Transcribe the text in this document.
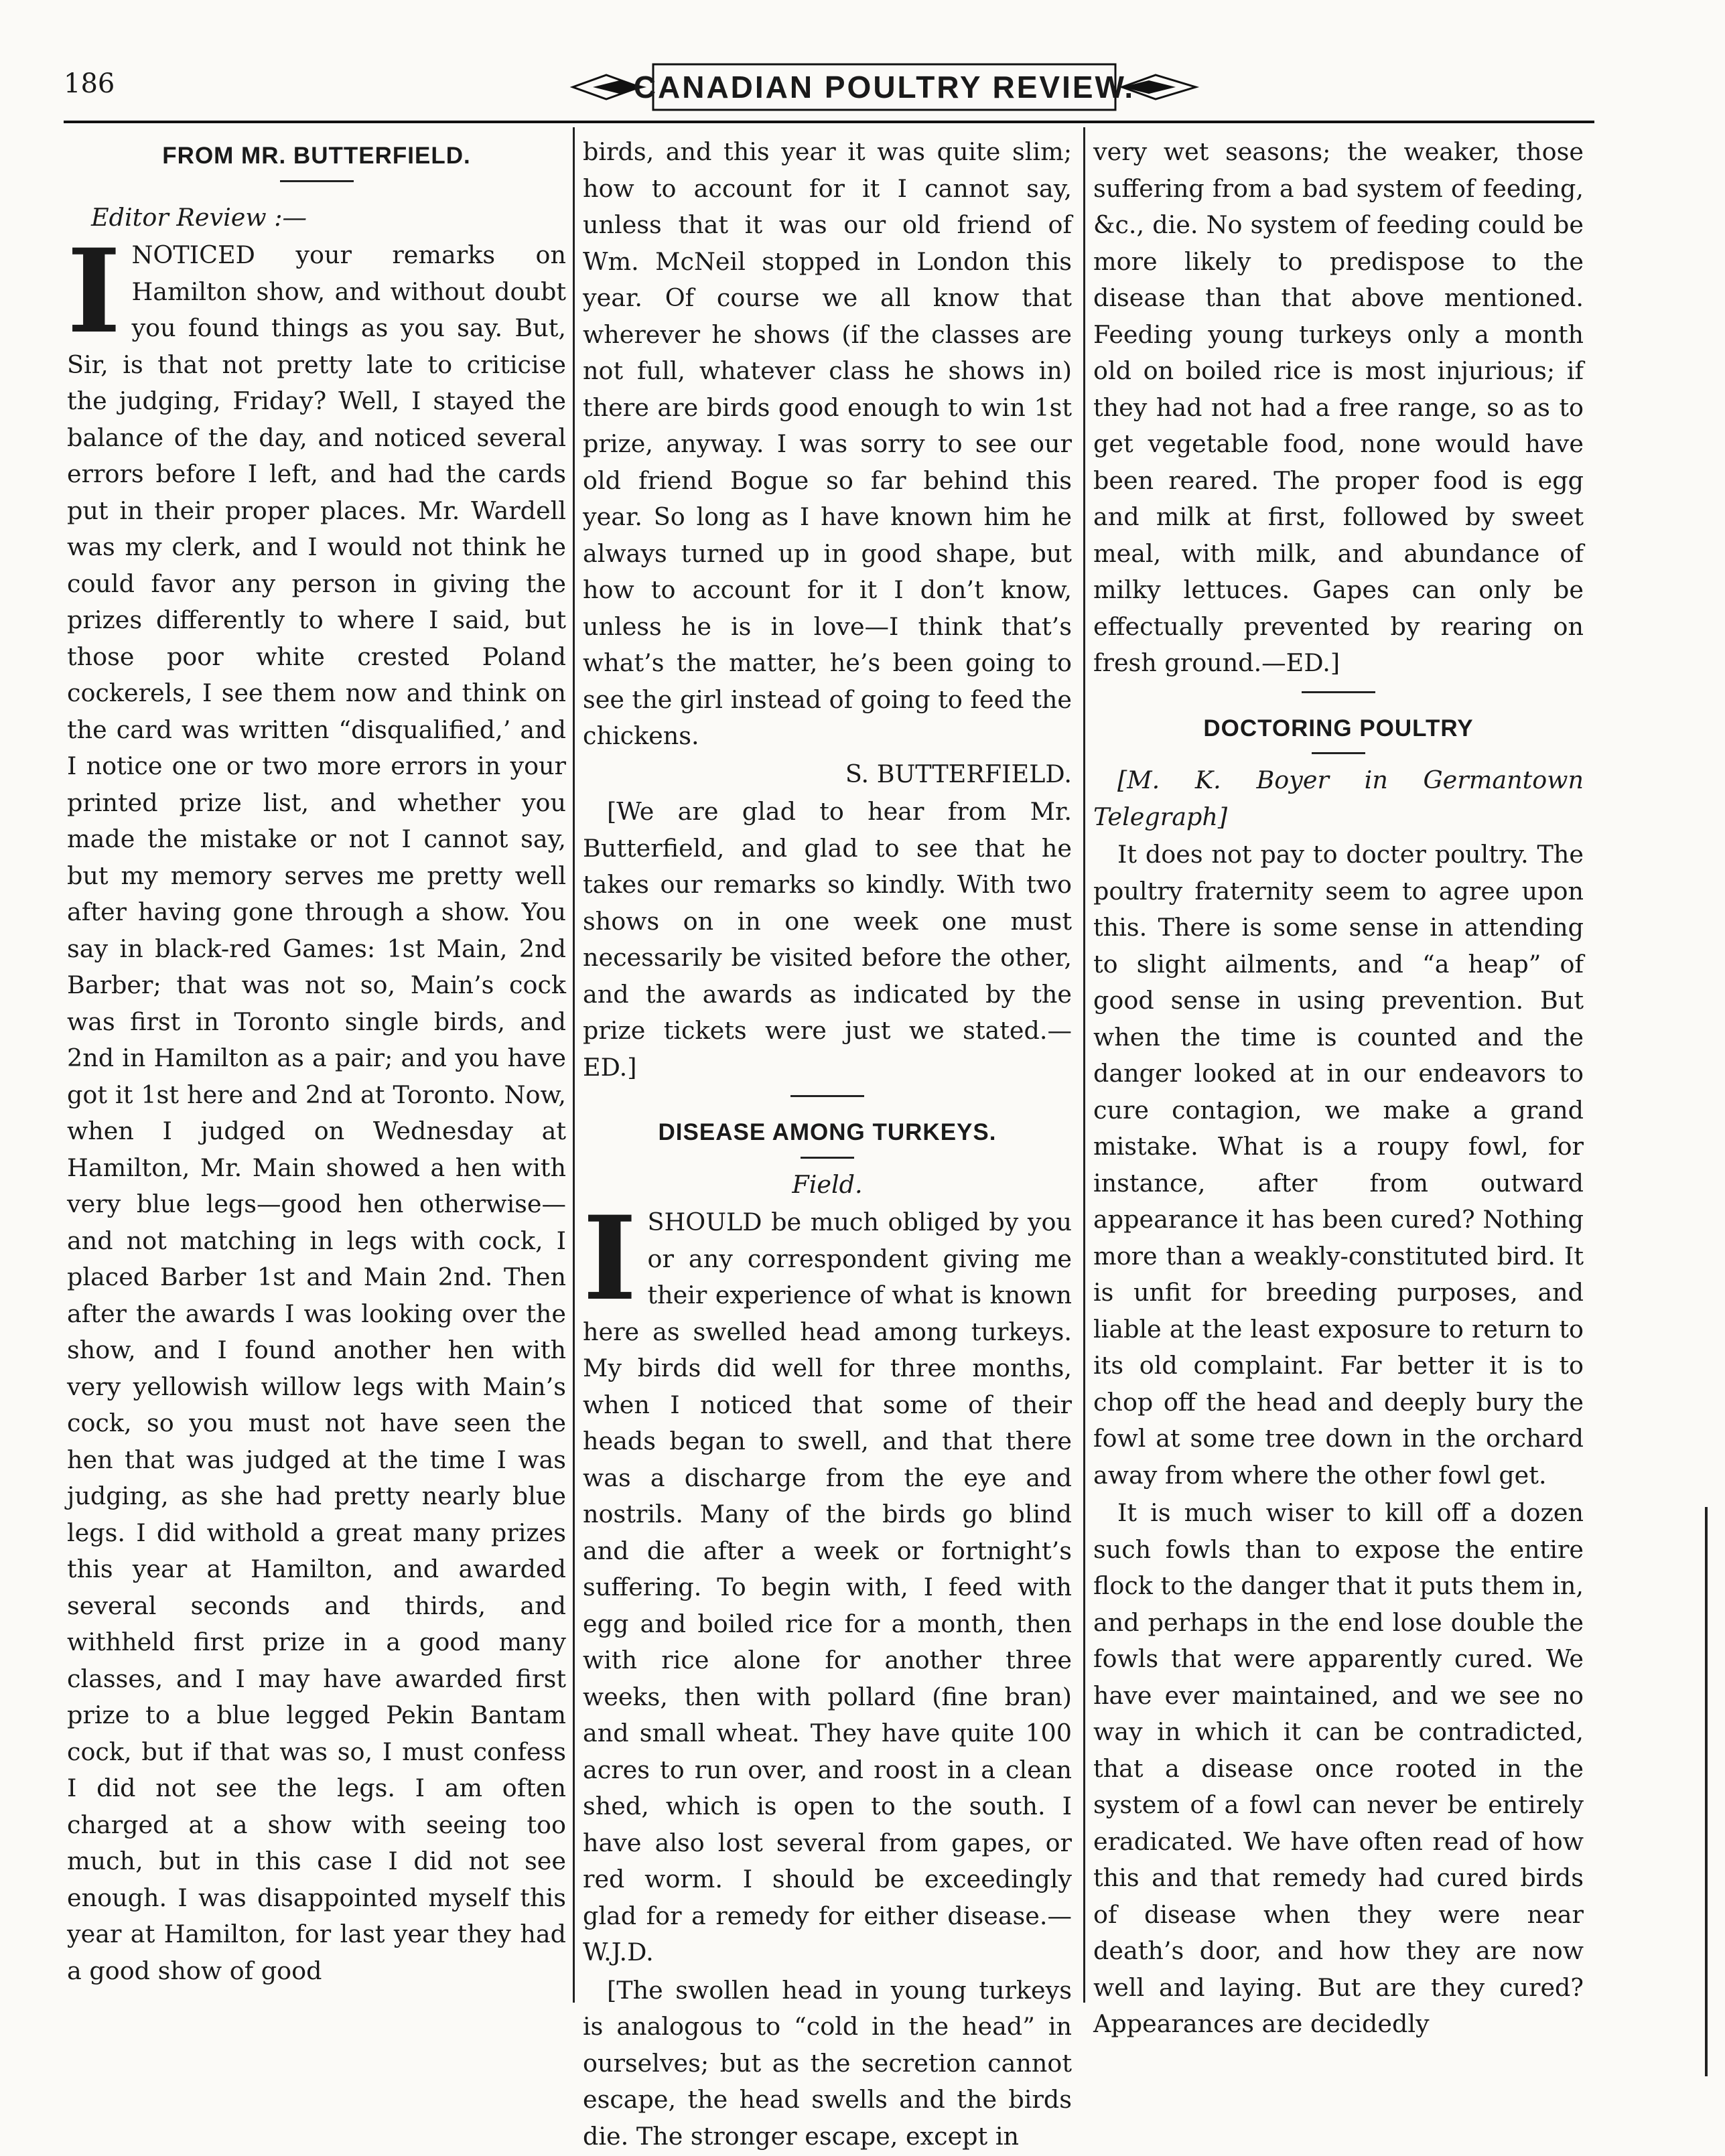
186	CANADIAN POULTRY REVIEW.
FROM MR. BUTTERFIELD.

Editor Review :—

INOTICED your remarks on Hamilton show, and without doubt you found things as you say. But, Sir, is that not pretty late to criticise the judging, Friday? Well, I stayed the balance of the day, and noticed several errors before I left, and had the cards put in their proper places. Mr. Wardell was my clerk, and I would not think he could favor any person in giving the prizes differently to where I said, but those poor white crested Poland cockerels, I see them now and think on the card was written “disqualified,’ and I notice one or two more errors in your printed prize list, and whether you made the mistake or not I cannot say, but my memory serves me pretty well after having gone through a show. You say in black-red Games: 1st Main, 2nd Barber; that was not so, Main’s cock was first in Toronto single birds, and 2nd in Hamilton as a pair; and you have got it 1st here and 2nd at Toronto. Now, when I judged on Wednesday at Hamilton, Mr. Main showed a hen with very blue legs—good hen otherwise—and not matching in legs with cock, I placed Barber 1st and Main 2nd. Then after the awards I was looking over the show, and I found another hen with very yellowish willow legs with Main’s cock, so you must not have seen the hen that was judged at the time I was judging, as she had pretty nearly blue legs. I did withold a great many prizes this year at Hamilton, and awarded several seconds and thirds, and withheld first prize in a good many classes, and I may have awarded first prize to a blue legged Pekin Bantam cock, but if that was so, I must confess I did not see the legs. I am often charged at a show with seeing too much, but in this case I did not see enough. I was disappointed myself this year at Hamilton, for last year they had a good show of good

birds, and this year it was quite slim; how to account for it I cannot say, unless that it was our old friend of Wm. McNeil stopped in London this year. Of course we all know that wherever he shows (if the classes are not full, whatever class he shows in) there are birds good enough to win 1st prize, anyway. I was sorry to see our old friend Bogue so far behind this year. So long as I have known him he always turned up in good shape, but how to account for it I don’t know, unless he is in love—I think that’s what’s the matter, he’s been going to see the girl instead of going to feed the chickens.

S. BUTTERFIELD.

[We are glad to hear from Mr. Butterfield, and glad to see that he takes our remarks so kindly. With two shows on in one week one must necessarily be visited before the other, and the awards as indicated by the prize tickets were just we stated.—ED.]

DISEASE AMONG TURKEYS.

Field.

ISHOULD be much obliged by you or any correspondent giving me their experience of what is known here as swelled head among turkeys. My birds did well for three months, when I noticed that some of their heads began to swell, and that there was a discharge from the eye and nostrils. Many of the birds go blind and die after a week or fortnight’s suffering. To begin with, I feed with egg and boiled rice for a month, then with rice alone for another three weeks, then with pollard (fine bran) and small wheat. They have quite 100 acres to run over, and roost in a clean shed, which is open to the south. I have also lost several from gapes, or red worm. I should be exceedingly glad for a remedy for either disease.—W.J.D.

[The swollen head in young turkeys is analogous to “cold in the head” in ourselves; but as the secretion cannot escape, the head swells and the birds die. The stronger escape, except in

very wet seasons; the weaker, those suffering from a bad system of feeding, &c., die. No system of feeding could be more likely to predispose to the disease than that above mentioned. Feeding young turkeys only a month old on boiled rice is most injurious; if they had not had a free range, so as to get vegetable food, none would have been reared. The proper food is egg and milk at first, followed by sweet meal, with milk, and abundance of milky lettuces. Gapes can only be effectually prevented by rearing on fresh ground.—ED.]

DOCTORING POULTRY

[M. K. Boyer in Germantown Telegraph]

It does not pay to docter poultry. The poultry fraternity seem to agree upon this. There is some sense in attending to slight ailments, and “a heap” of good sense in using prevention. But when the time is counted and the danger looked at in our endeavors to cure contagion, we make a grand mistake. What is a roupy fowl, for instance, after from outward appearance it has been cured? Nothing more than a weakly-constituted bird. It is unfit for breeding purposes, and liable at the least exposure to return to its old complaint. Far better it is to chop off the head and deeply bury the fowl at some tree down in the orchard away from where the other fowl get.

It is much wiser to kill off a dozen such fowls than to expose the entire flock to the danger that it puts them in, and perhaps in the end lose double the fowls that were apparently cured. We have ever maintained, and we see no way in which it can be contradicted, that a disease once rooted in the system of a fowl can never be entirely eradicated. We have often read of how this and that remedy had cured birds of disease when they were near death’s door, and how they are now well and laying. But are they cured? Appearances are decidedly
